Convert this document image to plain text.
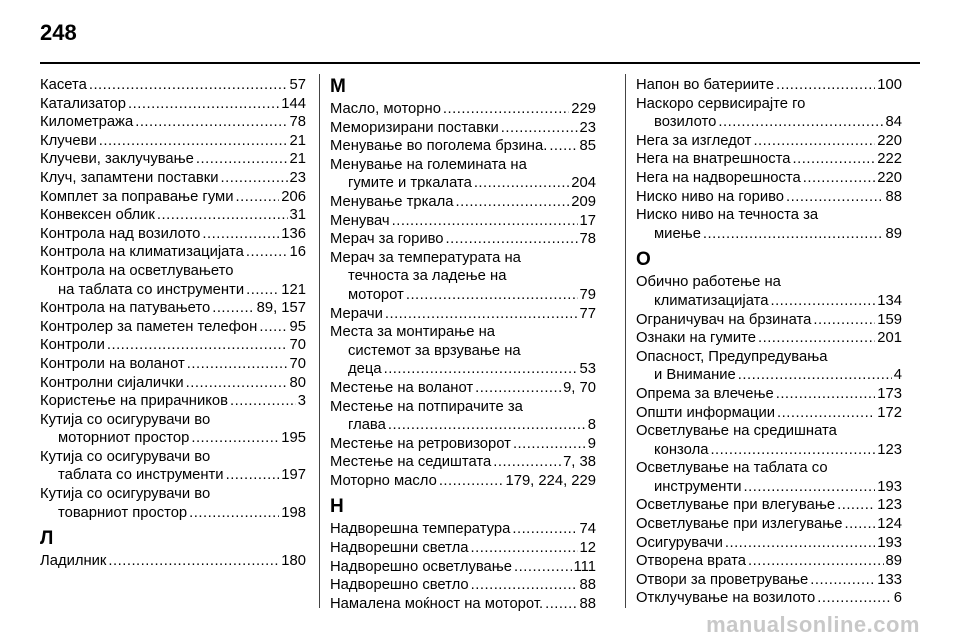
248
Касета .....	57
Катализатор .....	144
Километража .....	78
Клучеви .....	21
Клучеви, заклучување .....	21
Клуч, запамтени поставки .....	23
Комплет за поправање гуми .....	206
Конвексен облик .....	31
Контрола над возилото .....	136
Контрола на климатизацијата .....	16
Контрола на осветлувањето
на таблата со инструменти .....	121
Контрола на патувањето .....	89, 157
Контролер за паметен телефон ..... 95
Контроли .....	70
Контроли на воланот .....	70
Контролни сијалички .....	80
Користење на прирачников .....	3
Кутија со осигурувачи во
моторниот простор .....	195
Кутија со осигурувачи во
таблата со инструменти .....	197
Кутија со осигурувачи во
товарниот простор .....	198
Л
Ладилник .....	180
М
Масло, моторно .....	229
Меморизирани поставки .....	23
Менување во поголема брзина. ..... 85
Менување на големината на
гумите и тркалата .....	204
Менување тркала .....	209
Менувач .....	17
Мерач за гориво .....	78
Мерач за температурата на
течноста за ладење на
моторот .....	79
Мерачи .....	77
Места за монтирање на
системот за врзување на
деца .....	53
Местење на воланот .....	9, 70
Местење на потпирачите за
глава .....	8
Местење на ретровизорот .....	9
Местење на седиштата .....	7, 38
Моторно масло .....	179, 224, 229
Н
Надворешна температура .....	74
Надворешни светла .....	12
Надворешно осветлување .....	111
Надворешно светло .....	88
Намалена моќност на моторот. ..... 88
Напон во батериите .....	100
Наскоро сервисирајте го
возилото .....	84
Нега за изгледот .....	220
Нега на внатрешноста .....	222
Нега на надворешноста .....	220
Ниско ниво на гориво .....	88
Ниско ниво на течноста за
миење .....	89
О
Обично работење на
климатизацијата .....	134
Ограничувач на брзината .....	159
Ознаки на гумите .....	201
Опасност, Предупредувања
и Внимание .....	4
Опрема за влечење .....	173
Општи информации .....	172
Осветлување на средишната
конзола .....	123
Осветлување на таблата со
инструменти .....	193
Осветлување при влегување .....	123
Осветлување при излегување ..... 124
Осигурувачи .....	193
Отворена врата .....	89
Отвори за проветрување .....	133
Отклучување на возилото .....	6
manualsonline.com
